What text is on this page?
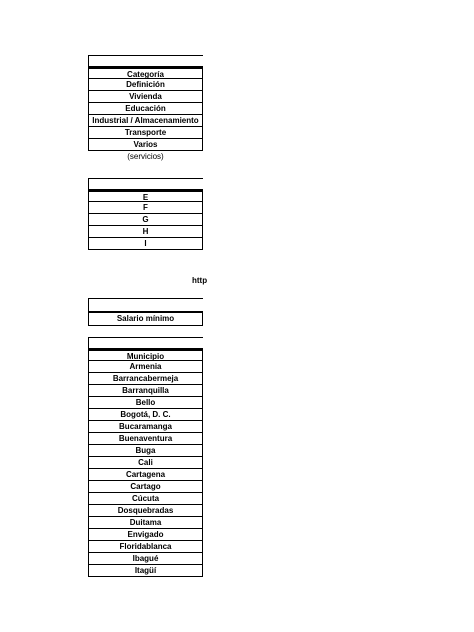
Categoría
Definición
Vivienda
Educación
Industrial / Almacenamiento
Transporte
Varios
(servicios)
E
F
G
H
I
http
Salario mínimo
Municipio
Armenia
Barrancabermeja
Barranquilla
Bello
Bogotá, D. C.
Bucaramanga
Buenaventura
Buga
Cali
Cartagena
Cartago
Cúcuta
Dosquebradas
Duitama
Envigado
Floridablanca
Ibagué
Itagüí
